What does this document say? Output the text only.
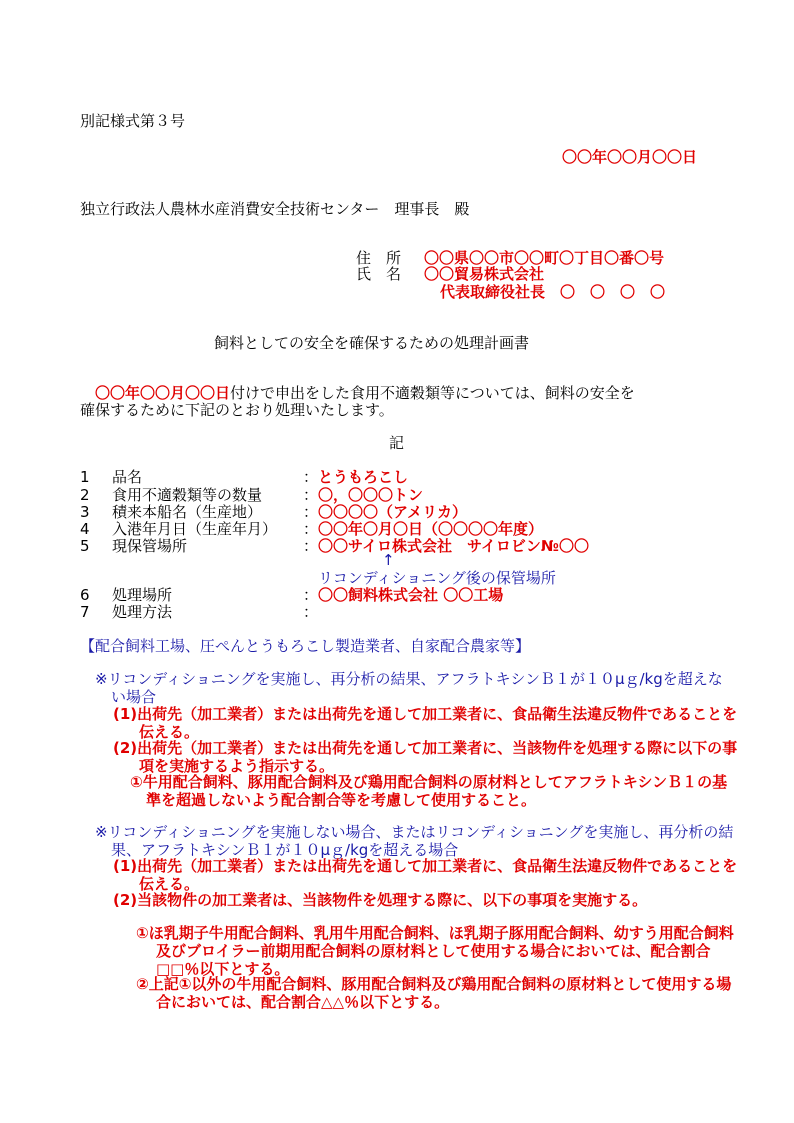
別記様式第３号
〇〇年〇〇月〇〇日
独立行政法人農林水産消費安全技術センター　理事長　殿
住　所 〇〇県〇〇市〇〇町〇丁目〇番〇号
氏　名 〇〇貿易株式会社
代表取締役社長　〇　〇　〇　〇
飼料としての安全を確保するための処理計画書
〇〇年〇〇月〇〇日付けで申出をした食用不適穀類等については、飼料の安全を
確保するために下記のとおり処理いたします。
記
1 品名	： とうもろこし
2 食用不適穀類等の数量	： 〇，〇〇〇トン
3 積来本船名（生産地）	： 〇〇〇〇（アメリカ）
4 入港年月日（生産年月） ： 〇〇年〇月〇日（〇〇〇〇年度）
5 現保管場所	： 〇〇サイロ株式会社　サイロビン№〇〇
↑
リコンディショニング後の保管場所
6 処理場所	： 〇〇飼料株式会社 〇〇工場
7 処理方法	：
【配合飼料工場、圧ぺんとうもろこし製造業者、自家配合農家等】
※リコンディショニングを実施し、再分析の結果、アフラトキシンＢ１が１０μｇ/kgを超えない場合
(1)出荷先（加工業者）または出荷先を通して加工業者に、食品衛生法違反物件であることを伝える。
(2)出荷先（加工業者）または出荷先を通して加工業者に、当該物件を処理する際に以下の事項を実施するよう指示する。
①牛用配合飼料、豚用配合飼料及び鶏用配合飼料の原材料としてアフラトキシンＢ１の基準を超過しないよう配合割合等を考慮して使用すること。
※リコンディショニングを実施しない場合、またはリコンディショニングを実施し、再分析の結果、アフラトキシンＢ１が１０μｇ/kgを超える場合
(1)出荷先（加工業者）または出荷先を通して加工業者に、食品衛生法違反物件であることを伝える。
(2)当該物件の加工業者は、当該物件を処理する際に、以下の事項を実施する。
①ほ乳期子牛用配合飼料、乳用牛用配合飼料、ほ乳期子豚用配合飼料、幼すう用配合飼料及びブロイラー前期用配合飼料の原材料として使用する場合においては、配合割合□□％以下とする。
②上記①以外の牛用配合飼料、豚用配合飼料及び鶏用配合飼料の原材料として使用する場合においては、配合割合△△％以下とする。
